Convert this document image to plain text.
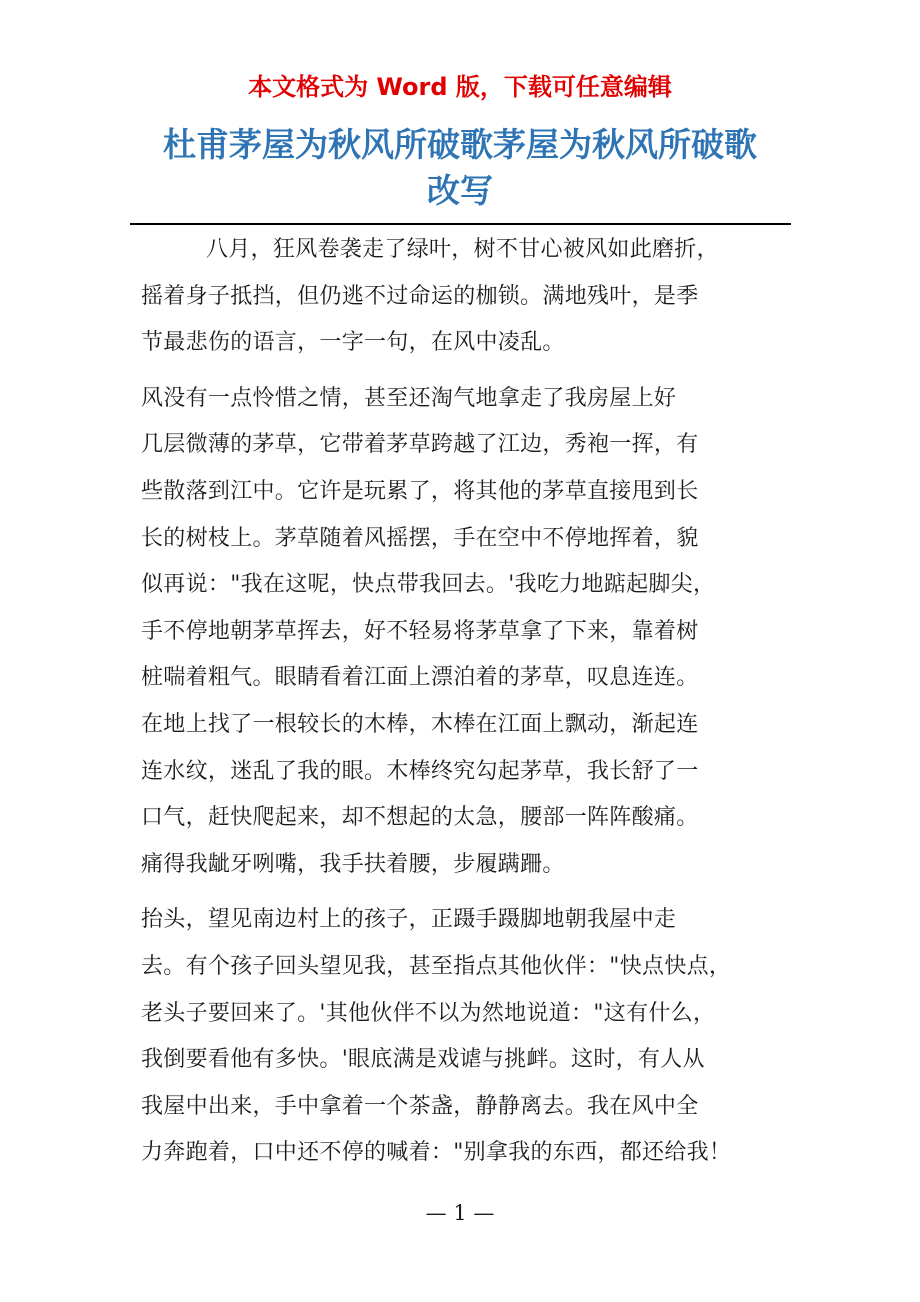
本文格式为 Word 版，下载可任意编辑
杜甫茅屋为秋风所破歌茅屋为秋风所破歌
改写

八月，狂风卷袭走了绿叶，树不甘心被风如此磨折，
摇着身子抵挡，但仍逃不过命运的枷锁。满地残叶，是季
节最悲伤的语言，一字一句，在风中凌乱。

风没有一点怜惜之情，甚至还淘气地拿走了我房屋上好
几层微薄的茅草，它带着茅草跨越了江边，秀袍一挥，有
些散落到江中。它许是玩累了，将其他的茅草直接甩到长
长的树枝上。茅草随着风摇摆，手在空中不停地挥着，貌
似再说："我在这呢，快点带我回去。'我吃力地踮起脚尖，
手不停地朝茅草挥去，好不轻易将茅草拿了下来，靠着树
桩喘着粗气。眼睛看着江面上漂泊着的茅草，叹息连连。
在地上找了一根较长的木棒，木棒在江面上飘动，渐起连
连水纹，迷乱了我的眼。木棒终究勾起茅草，我长舒了一
口气，赶快爬起来，却不想起的太急，腰部一阵阵酸痛。
痛得我龇牙咧嘴，我手扶着腰，步履蹒跚。

抬头，望见南边村上的孩子，正蹑手蹑脚地朝我屋中走
去。有个孩子回头望见我，甚至指点其他伙伴："快点快点，
老头子要回来了。'其他伙伴不以为然地说道："这有什么，
我倒要看他有多快。'眼底满是戏谑与挑衅。这时，有人从
我屋中出来，手中拿着一个茶盏，静静离去。我在风中全
力奔跑着，口中还不停的喊着："别拿我的东西，都还给我！

— 1 —
